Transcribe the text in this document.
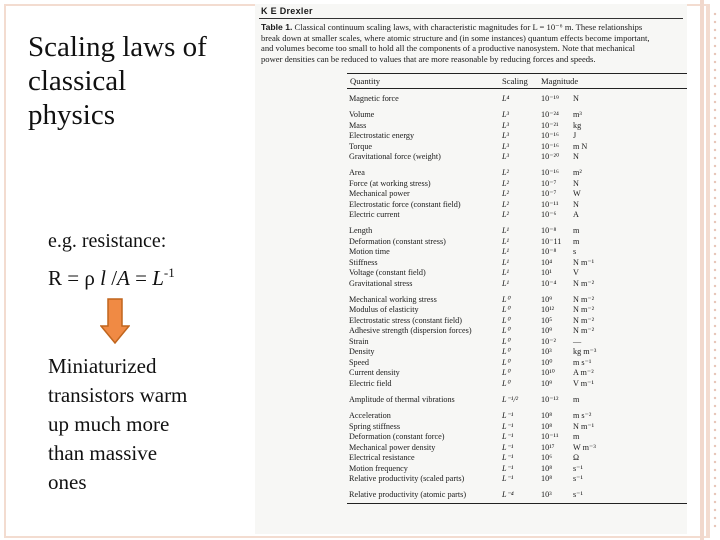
Scaling laws of
classical
physics
e.g. resistance:
R = ρ l $/A = L^{-1}$
Miniaturized
transistors warm
up much more
than massive
ones
K E Drexler
Table 1. Classical continuum scaling laws, with characteristic magnitudes for L = 10⁻⁶ m. These relationships
break down at smaller scales, where atomic structure and (in some instances) quantum effects become important,
and volumes become too small to hold all the components of a productive nanosystem. Note that mechanical
power densities can be reduced to values that are more reasonable by reducing forces and speeds.
Quantity	Scaling Magnitude
Magnetic force	L⁴	10⁻¹⁹ N
Volume	L³	10⁻²⁴ m³
Mass	L³	10⁻²¹ kg
Electrostatic energy	L³	10⁻¹⁶ J
Torque	L³	10⁻¹⁶ m N
Gravitational force (weight)	L³	10⁻²⁰ N
Area	L²	10⁻¹⁶ m²
Force (at working stress)	L²	10⁻⁷ N
Mechanical power	L²	10⁻⁷ W
Electrostatic force (constant field)	L²	10⁻¹¹ N
Electric current	L²	10⁻⁶ A
Length	L¹	10⁻⁸ m
Deformation (constant stress)	L¹	10⁻11 m
Motion time	L¹	10⁻⁸ s
Stiffness	L¹	10⁴	N m⁻¹
Voltage (constant field)	L¹	10¹	V
Gravitational stress	L¹	10⁻⁴ N m⁻²
Mechanical working stress	L⁰	10⁹	N m⁻²
Modulus of elasticity	L⁰	10¹² N m⁻²
Electrostatic stress (constant field)	L⁰	10⁵	N m⁻²
Adhesive strength (dispersion forces)	L⁰	10⁹	N m⁻²
Strain	L⁰	10⁻² —
Density	L⁰	10³	kg m⁻³
Speed	L⁰	10⁰	m s⁻¹
Current density	L⁰	10¹⁰ A m⁻²
Electric field	L⁰	10⁹	V m⁻¹
Amplitude of thermal vibrations	L⁻¹/²	10⁻¹² m
Acceleration	L⁻¹	10⁸	m s⁻²
Spring stiffness	L⁻¹	10⁸	N m⁻¹
Deformation (constant force)	L⁻¹	10⁻¹¹ m
Mechanical power density	L⁻¹	10¹⁷ W m⁻³
Electrical resistance	L⁻¹	10⁶	Ω
Motion frequency	L⁻¹	10⁸	s⁻¹
Relative productivity (scaled parts)	L⁻¹	10⁸	s⁻¹
Relative productivity (atomic parts)	L⁻⁴	10³	s⁻¹
